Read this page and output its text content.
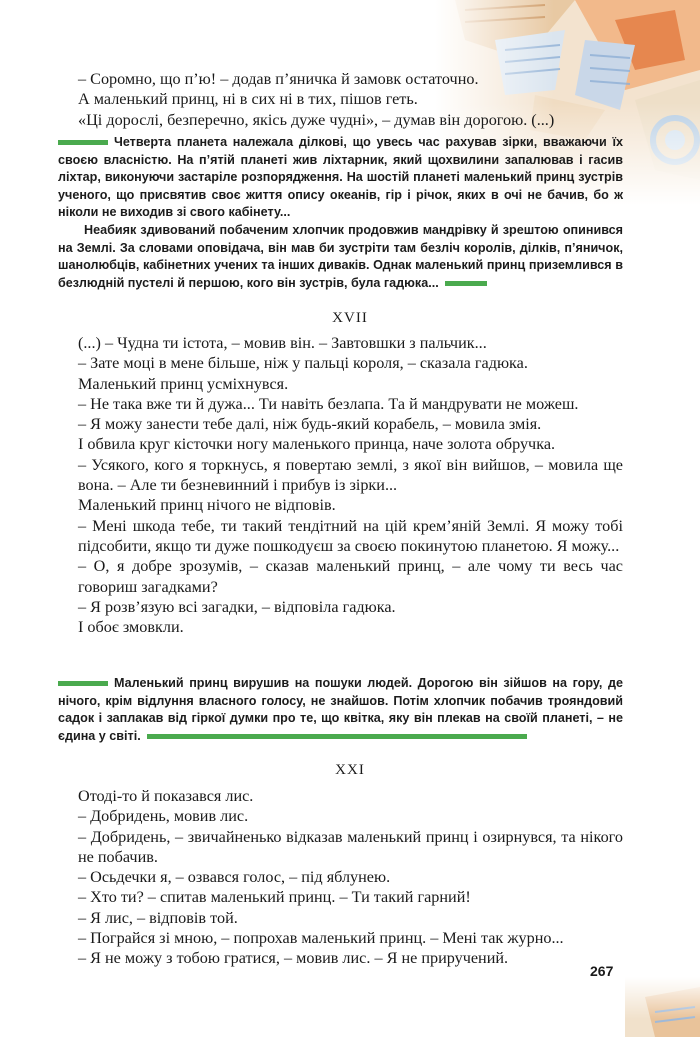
– Соромно, що п’ю! – додав п’яничка й замовк остаточно.

А маленький принц, ні в сих ні в тих, пішов геть.

«Ці дорослі, безперечно, якісь дуже чудні», – думав він дорогою. (...)

Четверта планета належала ділкові, що увесь час рахував зірки, вважаючи їх своєю власністю. На п’ятій планеті жив ліхтарник, який щохвилини запалював і гасив ліхтар, виконуючи застаріле розпорядження. На шостій планеті маленький принц зустрів ученого, що присвятив своє життя опису океанів, гір і річок, яких в очі не бачив, бо ж ніколи не виходив зі свого кабінету...

Неабияк здивований побаченим хлопчик продовжив мандрівку й зрештою опинився на Землі. За словами оповідача, він мав би зустріти там безліч королів, ділків, п’яничок, шанолюбців, кабінетних учених та інших диваків. Однак маленький принц приземлився в безлюдній пустелі й першою, кого він зустрів, була гадюка...

XVII

(...) – Чудна ти істота, – мовив він. – Завтовшки з пальчик...

– Зате моці в мене більше, ніж у пальці короля, – сказала гадюка.

Маленький принц усміхнувся.

– Не така вже ти й дужа... Ти навіть безлапа. Та й мандрувати не можеш.

– Я можу занести тебе далі, ніж будь-який корабель, – мовила змія.

І обвила круг кісточки ногу маленького принца, наче золота обручка.

– Усякого, кого я торкнусь, я повертаю землі, з якої він вийшов, – мовила ще вона. – Але ти безневинний і прибув із зірки...

Маленький принц нічого не відповів.

– Мені шкода тебе, ти такий тендітний на цій крем’яній Землі. Я можу тобі підсобити, якщо ти дуже пошкодуєш за своєю покинутою планетою. Я можу...

– О, я добре зрозумів, – сказав маленький принц, – але чому ти весь час говориш загадками?

– Я розв’язую всі загадки, – відповіла гадюка.

І обоє змовкли.

Маленький принц вирушив на пошуки людей. Дорогою він зійшов на гору, де нічого, крім відлуння власного голосу, не знайшов. Потім хлопчик побачив трояндовий садок і заплакав від гіркої думки про те, що квітка, яку він плекав на своїй планеті, – не єдина у світі.

XXI

Отоді-то й показався лис.

– Добридень, мовив лис.

– Добридень, – звичайненько відказав маленький принц і озирнувся, та нікого не побачив.

– Осьдечки я, – озвався голос, – під яблунею.

– Хто ти? – спитав маленький принц. – Ти такий гарний!

– Я лис, – відповів той.

– Пограйся зі мною, – попрохав маленький принц. – Мені так журно...

– Я не можу з тобою гратися, – мовив лис. – Я не приручений.

267
